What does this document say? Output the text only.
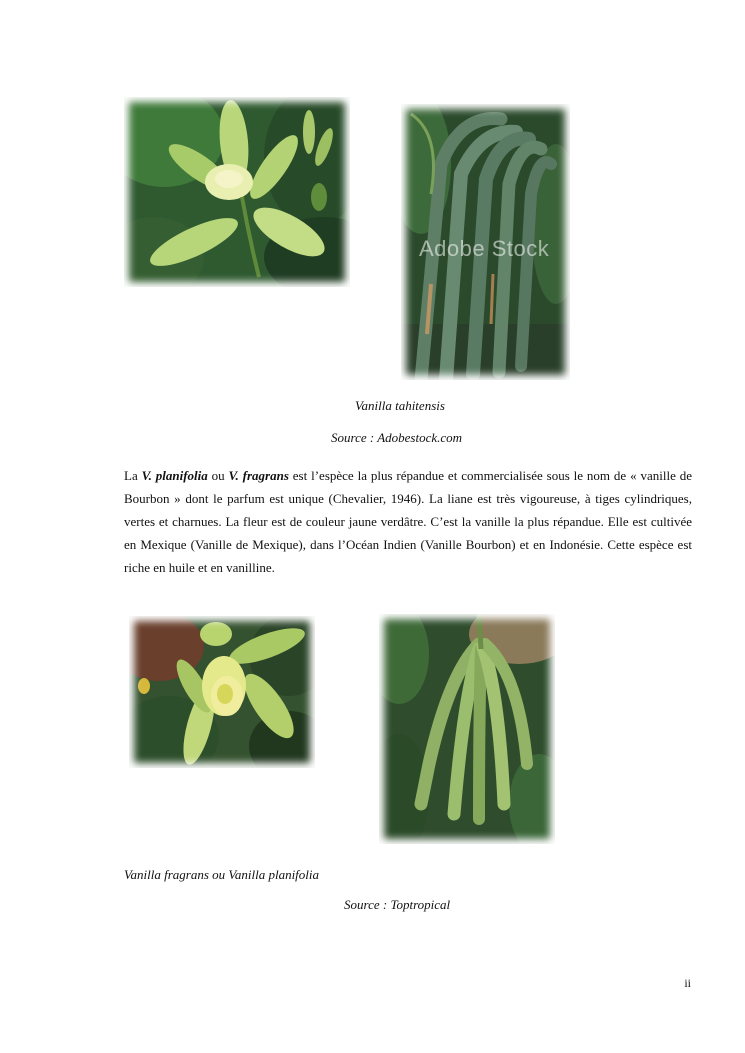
Adobe Stock
Vanilla tahitensis
Source : Adobestock.com

La V. planifolia ou V. fragrans est l’espèce la plus répandue et commercialisée sous le nom de « vanille de Bourbon » dont le parfum est unique (Chevalier, 1946). La liane est très vigoureuse, à tiges cylindriques, vertes et charnues. La fleur est de couleur jaune verdâtre. C’est la vanille la plus répandue. Elle est cultivée en Mexique (Vanille de Mexique), dans l’Océan Indien (Vanille Bourbon) et en Indonésie. Cette espèce est riche en huile et en vanilline.

Vanilla fragrans ou Vanilla planifolia
Source : Toptropical
ii
